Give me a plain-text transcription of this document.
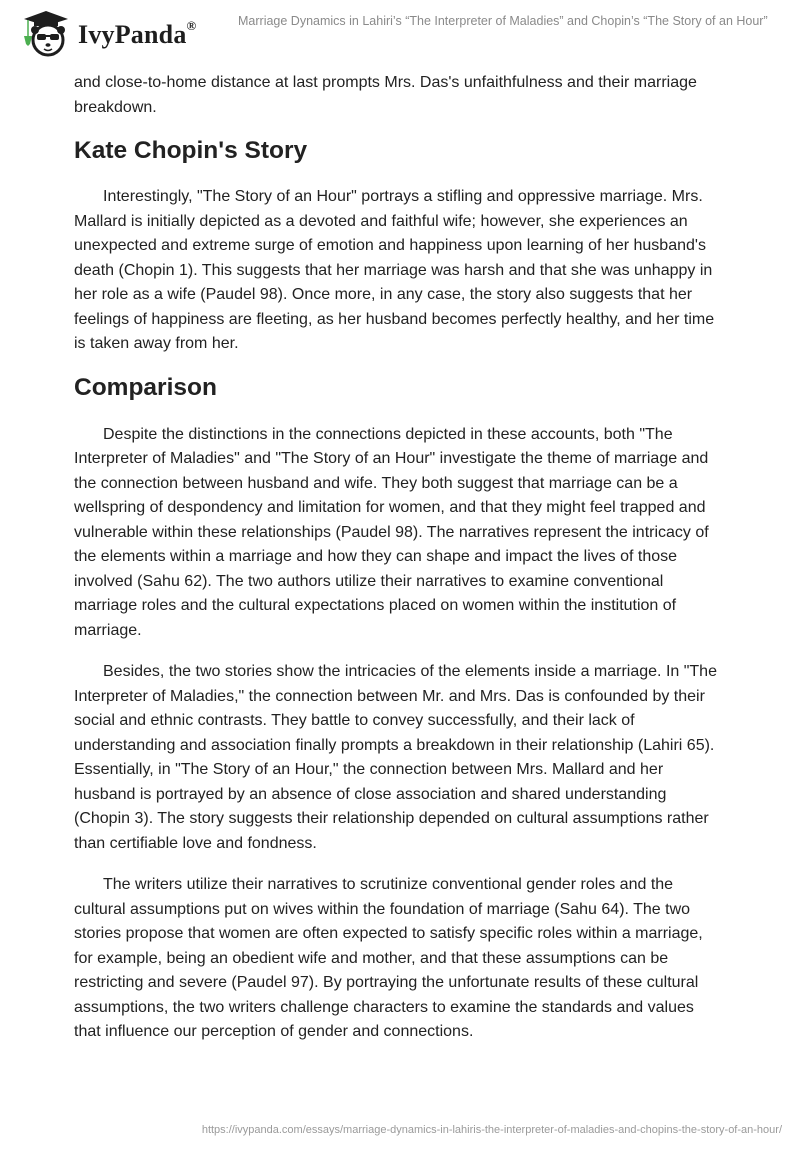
IvyPanda®	Marriage Dynamics in Lahiri’s “The Interpreter of Maladies” and Chopin’s “The Story of an Hour”

and close-to-home distance at last prompts Mrs. Das's unfaithfulness and their marriage breakdown.

Kate Chopin's Story

Interestingly, "The Story of an Hour" portrays a stifling and oppressive marriage. Mrs. Mallard is initially depicted as a devoted and faithful wife; however, she experiences an unexpected and extreme surge of emotion and happiness upon learning of her husband's death (Chopin 1). This suggests that her marriage was harsh and that she was unhappy in her role as a wife (Paudel 98). Once more, in any case, the story also suggests that her feelings of happiness are fleeting, as her husband becomes perfectly healthy, and her time is taken away from her.

Comparison

Despite the distinctions in the connections depicted in these accounts, both "The Interpreter of Maladies" and "The Story of an Hour" investigate the theme of marriage and the connection between husband and wife. They both suggest that marriage can be a wellspring of despondency and limitation for women, and that they might feel trapped and vulnerable within these relationships (Paudel 98). The narratives represent the intricacy of the elements within a marriage and how they can shape and impact the lives of those involved (Sahu 62). The two authors utilize their narratives to examine conventional marriage roles and the cultural expectations placed on women within the institution of marriage.

Besides, the two stories show the intricacies of the elements inside a marriage. In "The Interpreter of Maladies," the connection between Mr. and Mrs. Das is confounded by their social and ethnic contrasts. They battle to convey successfully, and their lack of understanding and association finally prompts a breakdown in their relationship (Lahiri 65). Essentially, in "The Story of an Hour," the connection between Mrs. Mallard and her husband is portrayed by an absence of close association and shared understanding (Chopin 3). The story suggests their relationship depended on cultural assumptions rather than certifiable love and fondness.

The writers utilize their narratives to scrutinize conventional gender roles and the cultural assumptions put on wives within the foundation of marriage (Sahu 64). The two stories propose that women are often expected to satisfy specific roles within a marriage, for example, being an obedient wife and mother, and that these assumptions can be restricting and severe (Paudel 97). By portraying the unfortunate results of these cultural assumptions, the two writers challenge characters to examine the standards and values that influence our perception of gender and connections.

https://ivypanda.com/essays/marriage-dynamics-in-lahiris-the-interpreter-of-maladies-and-chopins-the-story-of-an-hour/
